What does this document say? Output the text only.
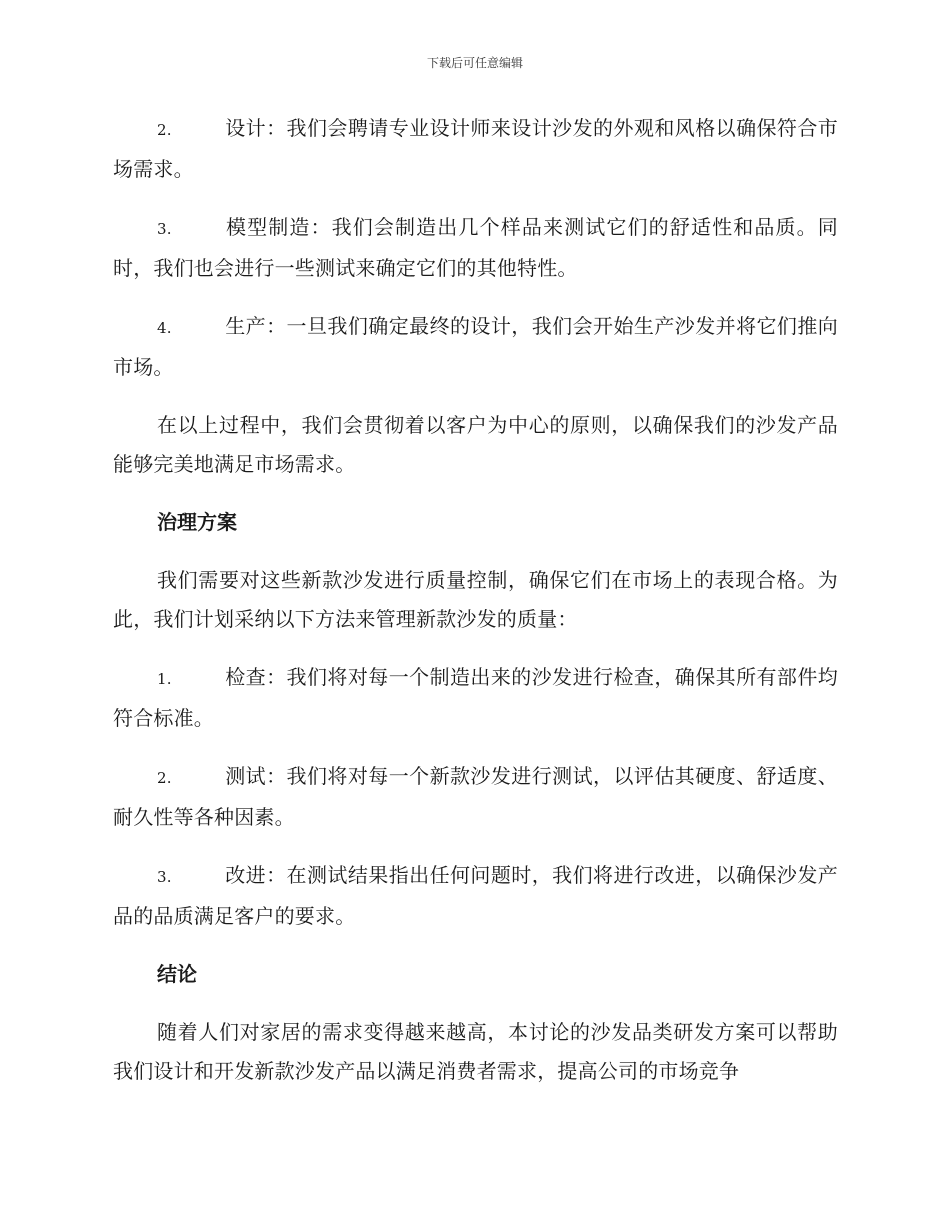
下载后可任意编辑

2.	设计：我们会聘请专业设计师来设计沙发的外观和风格以确保符合市场需求。

3.	模型制造：我们会制造出几个样品来测试它们的舒适性和品质。同时，我们也会进行一些测试来确定它们的其他特性。

4.	生产：一旦我们确定最终的设计，我们会开始生产沙发并将它们推向市场。

在以上过程中，我们会贯彻着以客户为中心的原则，以确保我们的沙发产品能够完美地满足市场需求。

治理方案

我们需要对这些新款沙发进行质量控制，确保它们在市场上的表现合格。为此，我们计划采纳以下方法来管理新款沙发的质量：

1.	检查：我们将对每一个制造出来的沙发进行检查，确保其所有部件均符合标准。

2.	测试：我们将对每一个新款沙发进行测试，以评估其硬度、舒适度、耐久性等各种因素。

3.	改进：在测试结果指出任何问题时，我们将进行改进，以确保沙发产品的品质满足客户的要求。

结论

随着人们对家居的需求变得越来越高，本讨论的沙发品类研发方案可以帮助我们设计和开发新款沙发产品以满足消费者需求，提高公司的市场竞争
